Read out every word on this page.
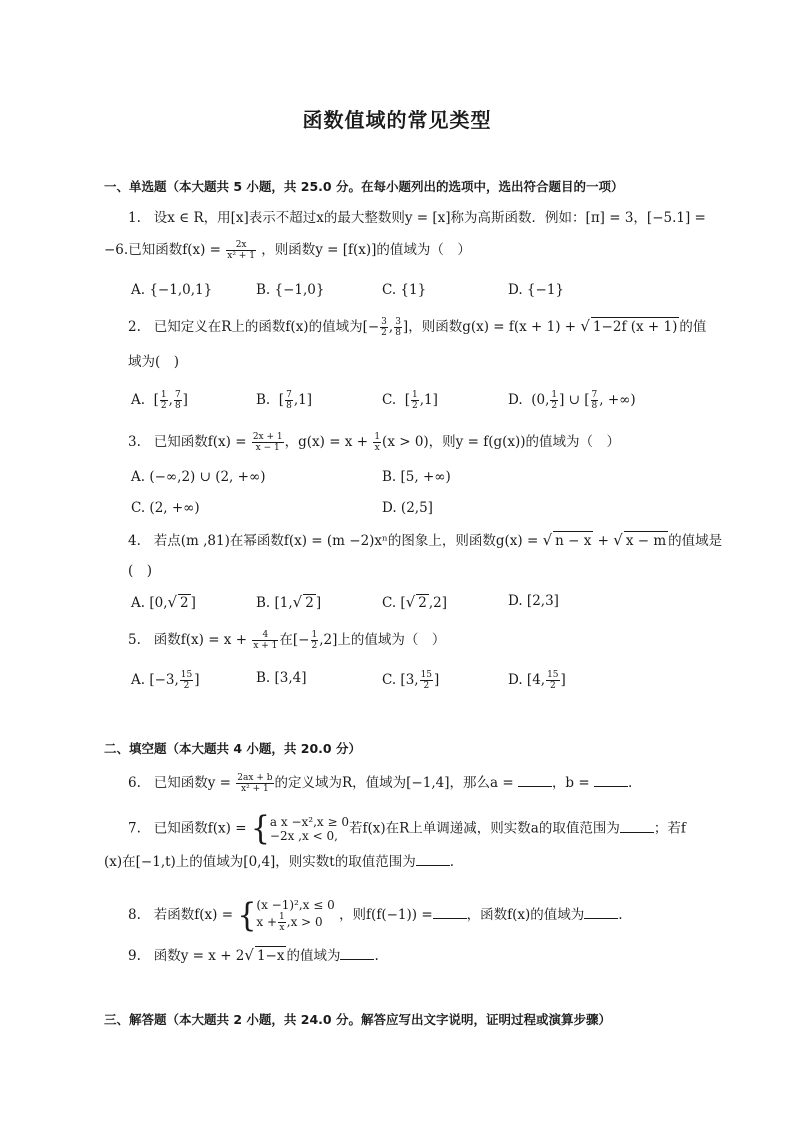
函数值域的常见类型
一、单选题（本大题共 5 小题，共 25.0 分。在每小题列出的选项中，选出符合题目的一项）
1. 设x ∈ R，用[x]表示不超过x的最大整数则y = [x]称为高斯函数．例如：[π] = 3，[−5.1] =
−6.已知函数$f(x) = \frac{2x}{\text{x² + 1}}$ ，则函数y = [f(x)]的值域为（　）
A. {−1,0,1}	B. {−1,0}	C. {1}	D. {−1}
2. 已知定义在R上的函数f(x)的值域为[− $\frac{3}{2}$ , $\frac{3}{8}$ ]，则函数g(x) = f(x + 1) + √ 1−2f (x + 1) 的值
域为(　)
A.  [ $\frac{1}{2}$ , $\frac{7}{8}$ ]	B.  [ $\frac{7}{8} ,1$]	C.  [ $\frac{1}{2} ,1$]	D.  (0, $\frac{1}{2}$ ] ∪ [ $\frac{7}{8}$ , +∞)
3. 已知函数$f(x) = \frac{2x + 1}{x - 1}$ ，$g(x) = x + \frac{1}{x} (x > 0)$，则y = f(g(x))的值域为（　）
A. (−∞,2) ∪ (2, +∞)	B. [5, +∞)
C. (2, +∞)	D. (2,5]
4. 若点(m ,81)在幂函数f(x) = (m −2)xⁿ的图象上，则函数g(x) = √ n − x + √ x − m 的值域是
(　)
A. [0,√ 2 ]	B. [1,√ 2 ]	C. [√ 2 ,2]	D. [2,3]
5. 函数$f(x) = x + \frac{4}{x + 1}$ 在[− $\frac{1}{2} ,2$]上的值域为（　）
A. [−3, $\frac{15}{2}$ ]	B. [3,4]	C. [3, $\frac{15}{2}$ ]	D. [4, $\frac{15}{2}$ ]
二、填空题（本大题共 4 小题，共 20.0 分）
6. 已知函数$y = \frac{2ax + b}{\text{x² + 1}}$ 的定义域为R，值域为[−1,4]，那么a =	，b =	.
7. 已知函数f(x) = { a x −x²,x ≥ 0
−2x ,x < 0, 若f(x)在R上单调递减，则实数a的取值范围为	；若f
(x)在[−1,t)上的值域为[0,4]，则实数t的取值范围为	.
8. 若函数f(x) = { (x −1)²,x ≤ 0
$x + \frac{1}{x} ,x > 0$	，则f(f(−1)) =	，函数f(x)的值域为	.
9. 函数y = x + 2√ 1−x 的值域为	.
三、解答题（本大题共 2 小题，共 24.0 分。解答应写出文字说明，证明过程或演算步骤）
